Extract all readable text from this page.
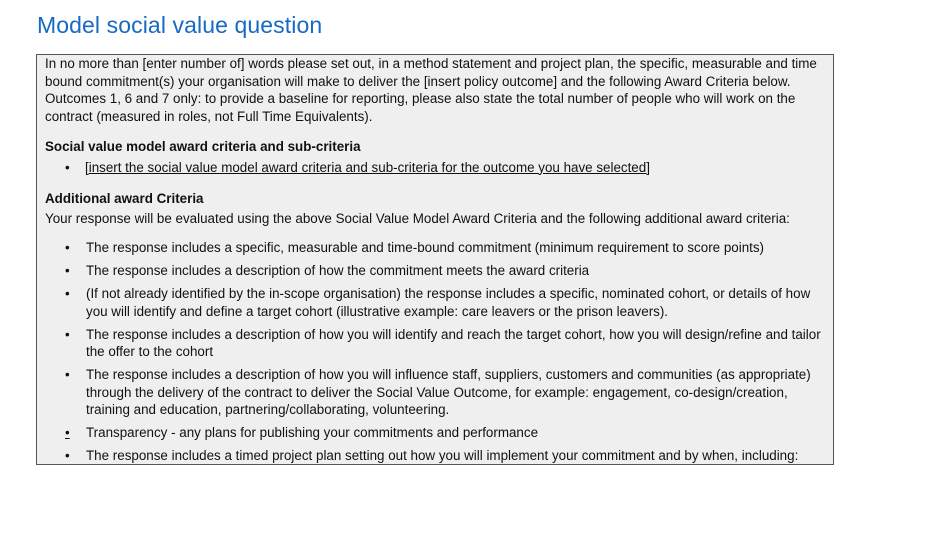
Model social value question

In no more than [enter number of] words please set out, in a method statement and project plan, the specific, measurable and time bound commitment(s) your organisation will make to deliver the [insert policy outcome] and the following Award Criteria below. Outcomes 1, 6 and 7 only: to provide a baseline for reporting, please also state the total number of people who will work on the contract (measured in roles, not Full Time Equivalents).

Social value model award criteria and sub-criteria

• [insert the social value model award criteria and sub-criteria for the outcome you have selected]

Additional award Criteria

Your response will be evaluated using the above Social Value Model Award Criteria and the following additional award criteria:

• The response includes a specific, measurable and time-bound commitment (minimum requirement to score points)
• The response includes a description of how the commitment meets the award criteria
• (If not already identified by the in-scope organisation) the response includes a specific, nominated cohort, or details of how you will identify and define a target cohort (illustrative example: care leavers or the prison leavers).
• The response includes a description of how you will identify and reach the target cohort, how you will design/refine and tailor the offer to the cohort
• The response includes a description of how you will influence staff, suppliers, customers and communities (as appropriate) through the delivery of the contract to deliver the Social Value Outcome, for example: engagement, co-design/creation, training and education, partnering/collaborating, volunteering.
•	Transparency - any plans for publishing your commitments and performance
• The response includes a timed project plan setting out how you will implement your commitment and by when, including:
